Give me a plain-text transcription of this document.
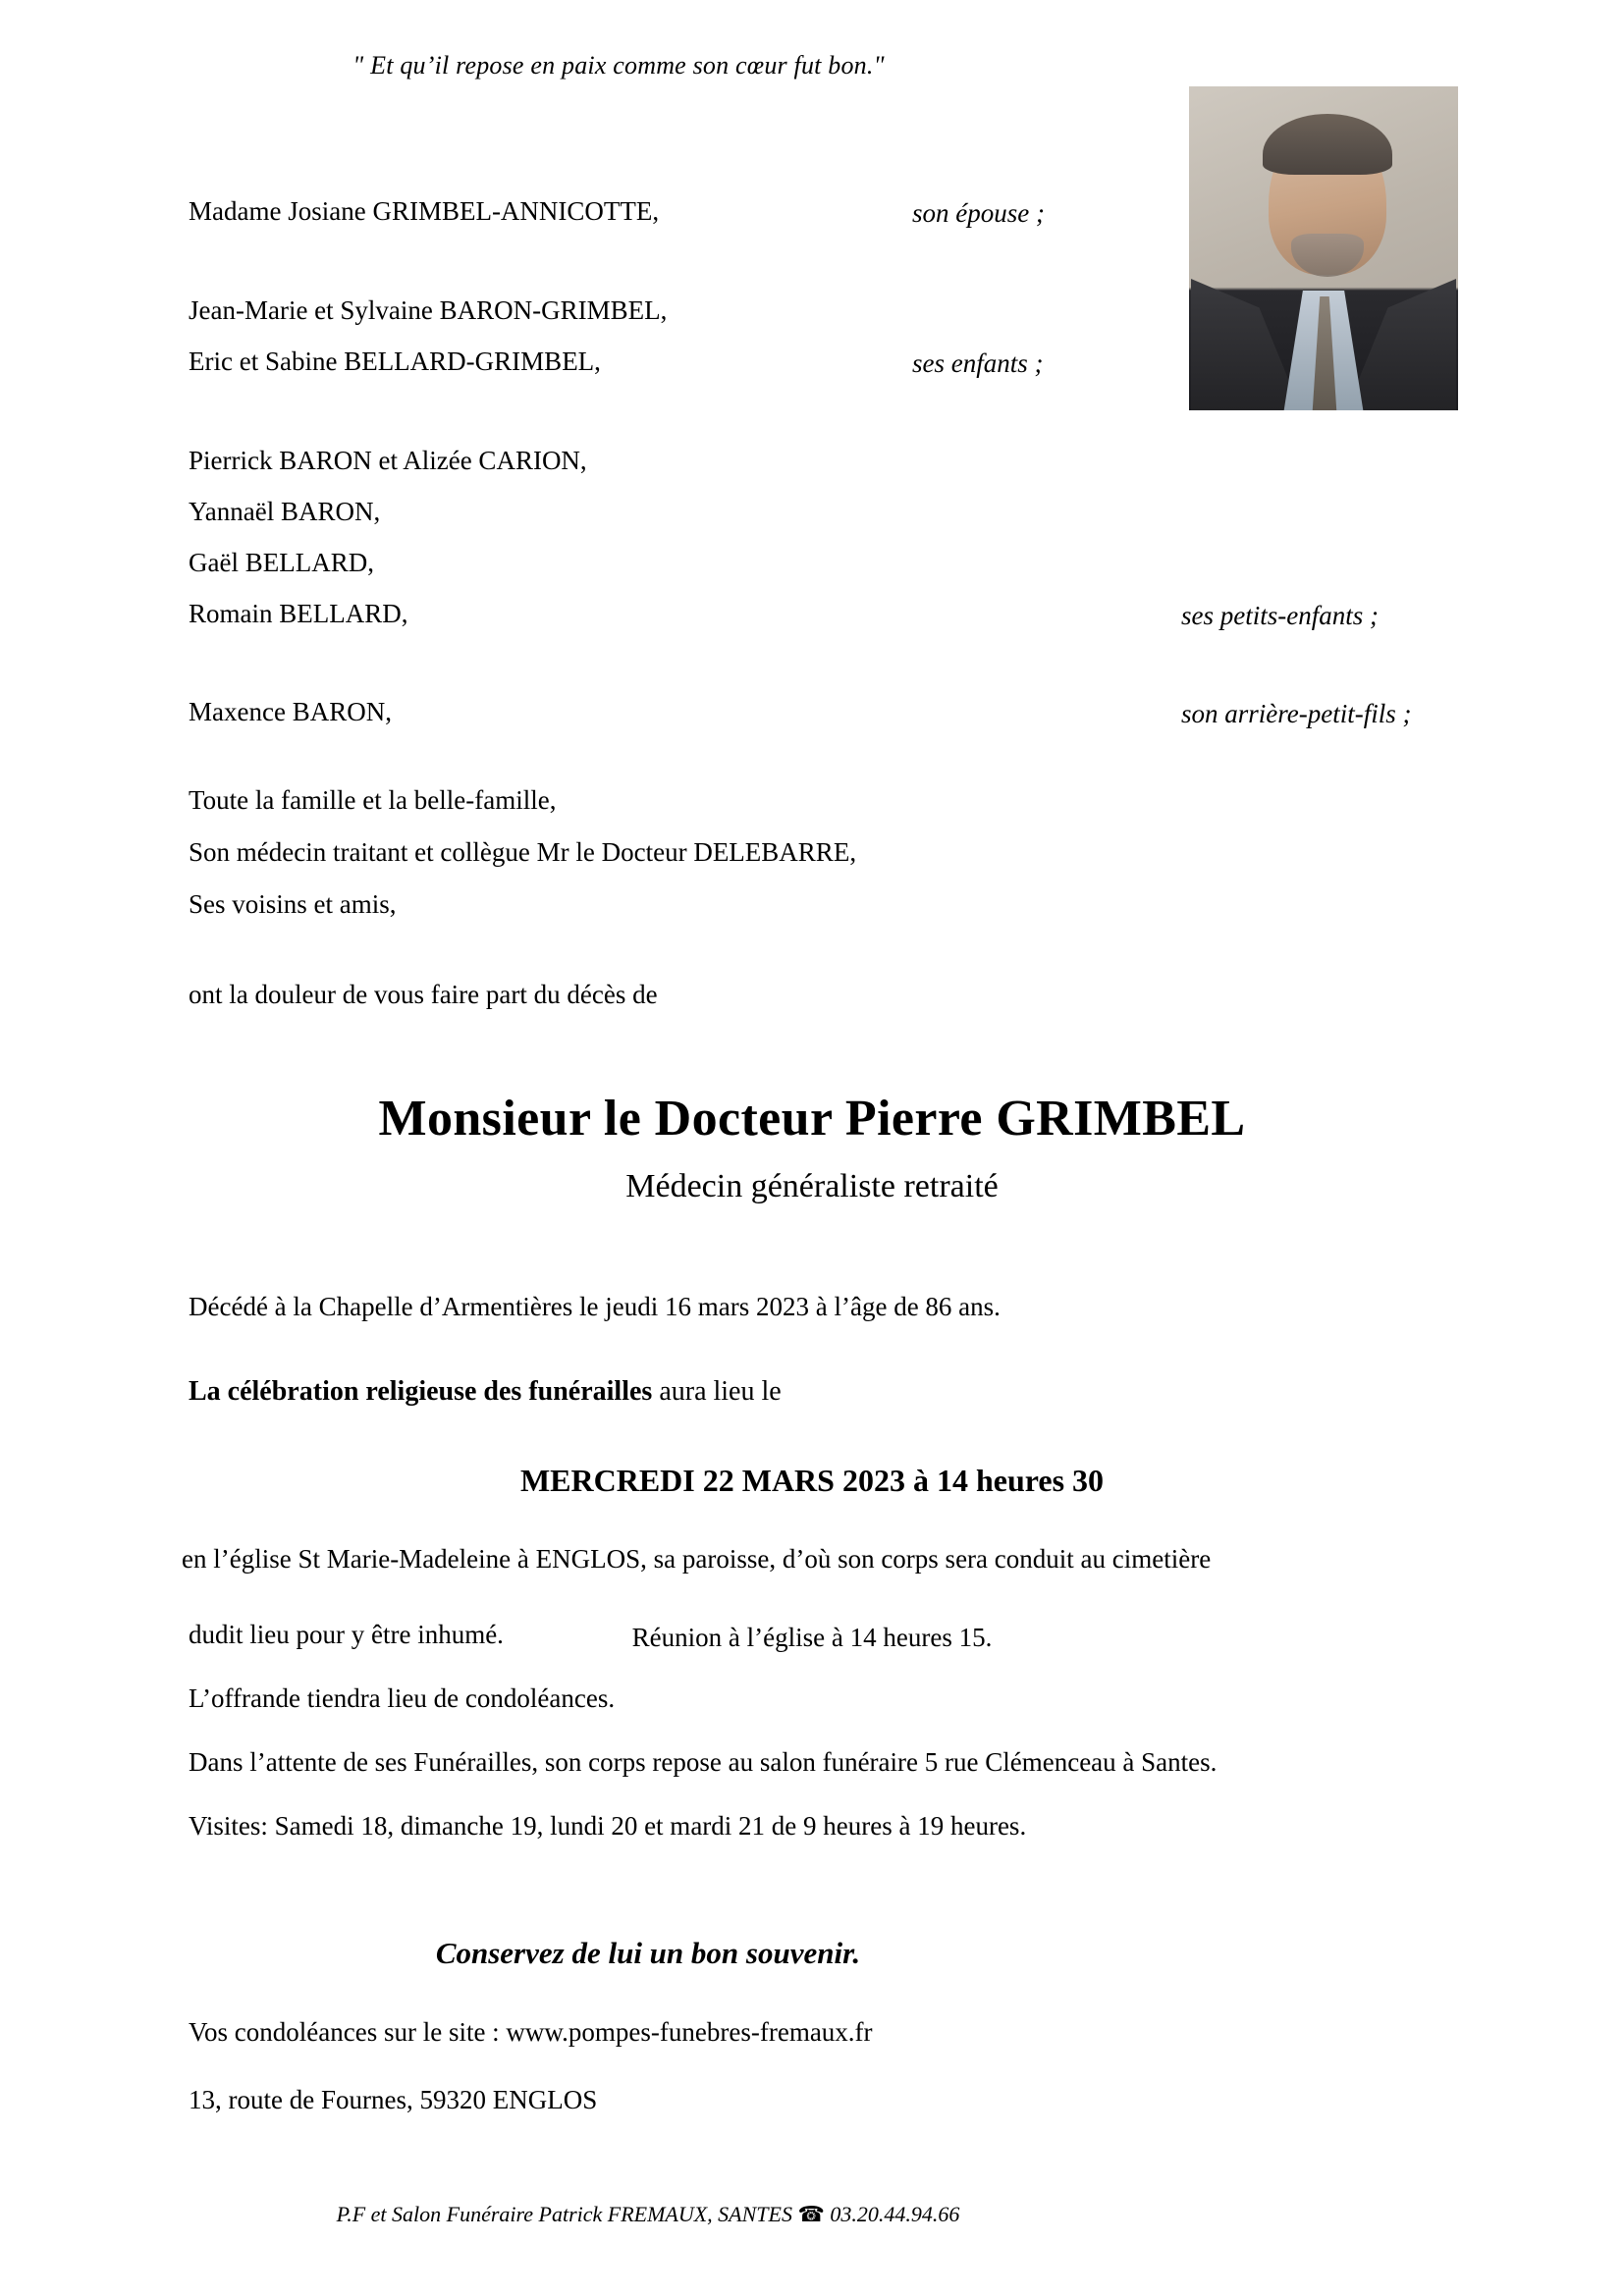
" Et qu’il repose en paix comme son cœur fut bon."
Madame Josiane GRIMBEL-ANNICOTTE,	son épouse ;
Jean-Marie et Sylvaine BARON-GRIMBEL,
Eric et Sabine BELLARD-GRIMBEL,	ses enfants ;
Pierrick BARON et Alizée CARION,
Yannaël BARON,
Gaël BELLARD,
Romain BELLARD,	ses petits-enfants ;
Maxence BARON,	son arrière-petit-fils ;
Toute la famille et la belle-famille,
Son médecin traitant et collègue Mr le Docteur DELEBARRE,
Ses voisins et amis,
ont la douleur de vous faire part du décès de
Monsieur le Docteur Pierre GRIMBEL
Médecin généraliste retraité
Décédé à la Chapelle d’Armentières le jeudi 16 mars 2023 à l’âge de 86 ans.
La célébration religieuse des funérailles aura lieu le
MERCREDI 22 MARS 2023 à 14 heures 30
en l’église St Marie-Madeleine à ENGLOS, sa paroisse, d’où son corps sera conduit au cimetière
dudit lieu pour y être inhumé.	Réunion à l’église à 14 heures 15.
L’offrande tiendra lieu de condoléances.
Dans l’attente de ses Funérailles, son corps repose au salon funéraire 5 rue Clémenceau à Santes.
Visites: Samedi 18, dimanche 19, lundi 20 et mardi 21 de 9 heures à 19 heures.
Conservez de lui un bon souvenir.
Vos condoléances sur le site : www.pompes-funebres-fremaux.fr
13, route de Fournes, 59320 ENGLOS
P.F et Salon Funéraire Patrick FREMAUX, SANTES ☎ 03.20.44.94.66
